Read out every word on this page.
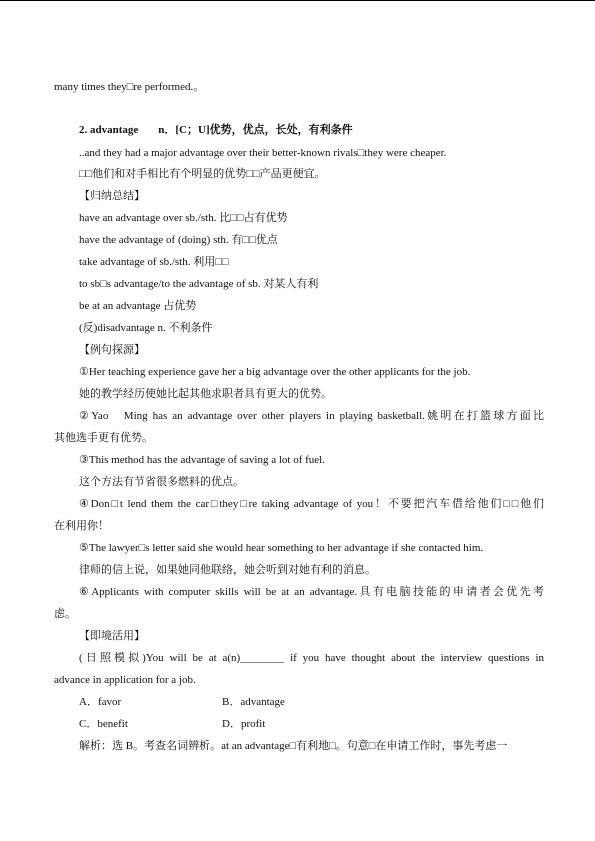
many times they□re performed.。
2. advantage n．[C；U]优势，优点，长处，有利条件
..and they had a major advantage over their better-known rivals□they were cheaper.
□□他们和对手相比有个明显的优势□□产品更便宜。
【归纳总结】
have an advantage over sb./sth. 比□□占有优势
have the advantage of (doing) sth. 有□□优点
take advantage of sb./sth. 利用□□
to sb□s advantage/to the advantage of sb. 对某人有利
be at an advantage 占优势
(反)disadvantage n. 不利条件
【例句探源】
①Her teaching experience gave her a big advantage over the other applicants for the job.
她的教学经历使她比起其他求职者具有更大的优势。
②Yao　Ming has an advantage over other players in playing basketball.姚明在打篮球方面比
其他选手更有优势。
③This method has the advantage of saving a lot of fuel.
这个方法有节省很多燃料的优点。
④Don□t lend them the car□they□re taking advantage of you！不要把汽车借给他们□□他们
在利用你！
⑤The lawyer□s letter said she would hear something to her advantage if she contacted him.
律师的信上说，如果她同他联络，她会听到对她有利的消息。
⑥Applicants with computer skills will be at an advantage.具有电脑技能的申请者会优先考
虑。
【即境活用】
(日照模拟)You will be at a(n)________ if you have thought about the interview questions in
advance in application for a job.
A．favor	B．advantage
C．benefit	D．profit
解析：选 B。考查名词辨析。at an advantage□有利地□。句意□在申请工作时，事先考虑一
